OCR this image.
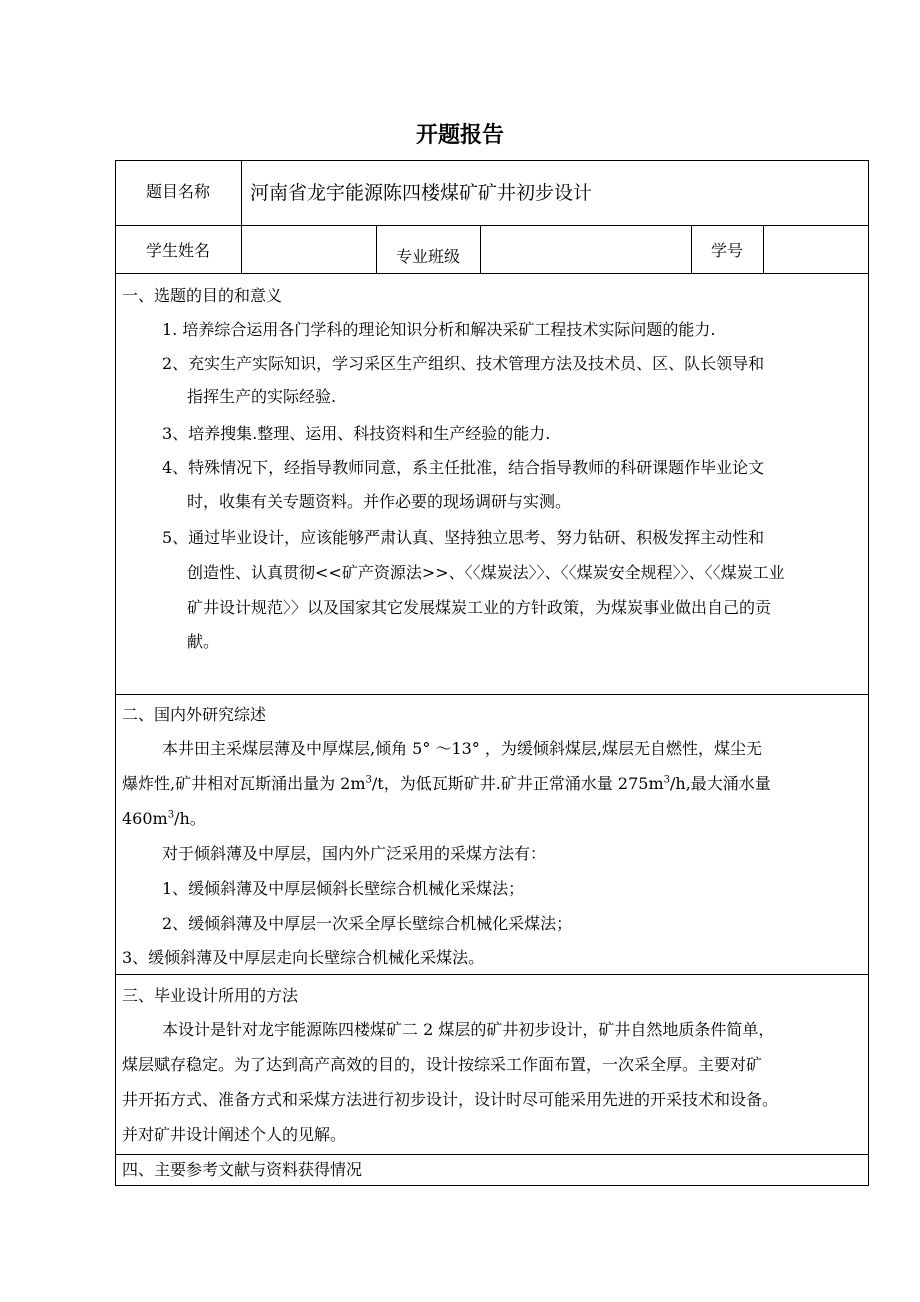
开题报告
题目名称	河南省龙宇能源陈四楼煤矿矿井初步设计
学生姓名	专业班级	学号
一、选题的目的和意义
1. 培养综合运用各门学科的理论知识分析和解决采矿工程技术实际问题的能力.
2、充实生产实际知识，学习采区生产组织、技术管理方法及技术员、区、队长领导和
指挥生产的实际经验.
3、培养搜集.整理、运用、科技资料和生产经验的能力.
4、特殊情况下，经指导教师同意，系主任批准，结合指导教师的科研课题作毕业论文
时，收集有关专题资料。并作必要的现场调研与实测。
5、通过毕业设计，应该能够严肃认真、坚持独立思考、努力钻研、积极发挥主动性和
创造性、认真贯彻<<矿产资源法>>、〈〈煤炭法〉〉、〈〈煤炭安全规程〉〉、〈〈煤炭工业
矿井设计规范〉〉以及国家其它发展煤炭工业的方针政策，为煤炭事业做出自己的贡
献。
二、国内外研究综述
本井田主采煤层薄及中厚煤层,倾角 5° ～13° ，为缓倾斜煤层,煤层无自燃性，煤尘无
爆炸性,矿井相对瓦斯涌出量为 $2m^3/t$，为低瓦斯矿井.矿井正常涌水量 $275m^3/h$,最大涌水量
$460m^3/h$。
对于倾斜薄及中厚层，国内外广泛采用的采煤方法有：
1、缓倾斜薄及中厚层倾斜长壁综合机械化采煤法；
2、缓倾斜薄及中厚层一次采全厚长壁综合机械化采煤法；
3、缓倾斜薄及中厚层走向长壁综合机械化采煤法。
三、毕业设计所用的方法
本设计是针对龙宇能源陈四楼煤矿二 2 煤层的矿井初步设计，矿井自然地质条件简单，
煤层赋存稳定。为了达到高产高效的目的，设计按综采工作面布置，一次采全厚。主要对矿
井开拓方式、准备方式和采煤方法进行初步设计，设计时尽可能采用先进的开采技术和设备。
并对矿井设计阐述个人的见解。
四、主要参考文献与资料获得情况
